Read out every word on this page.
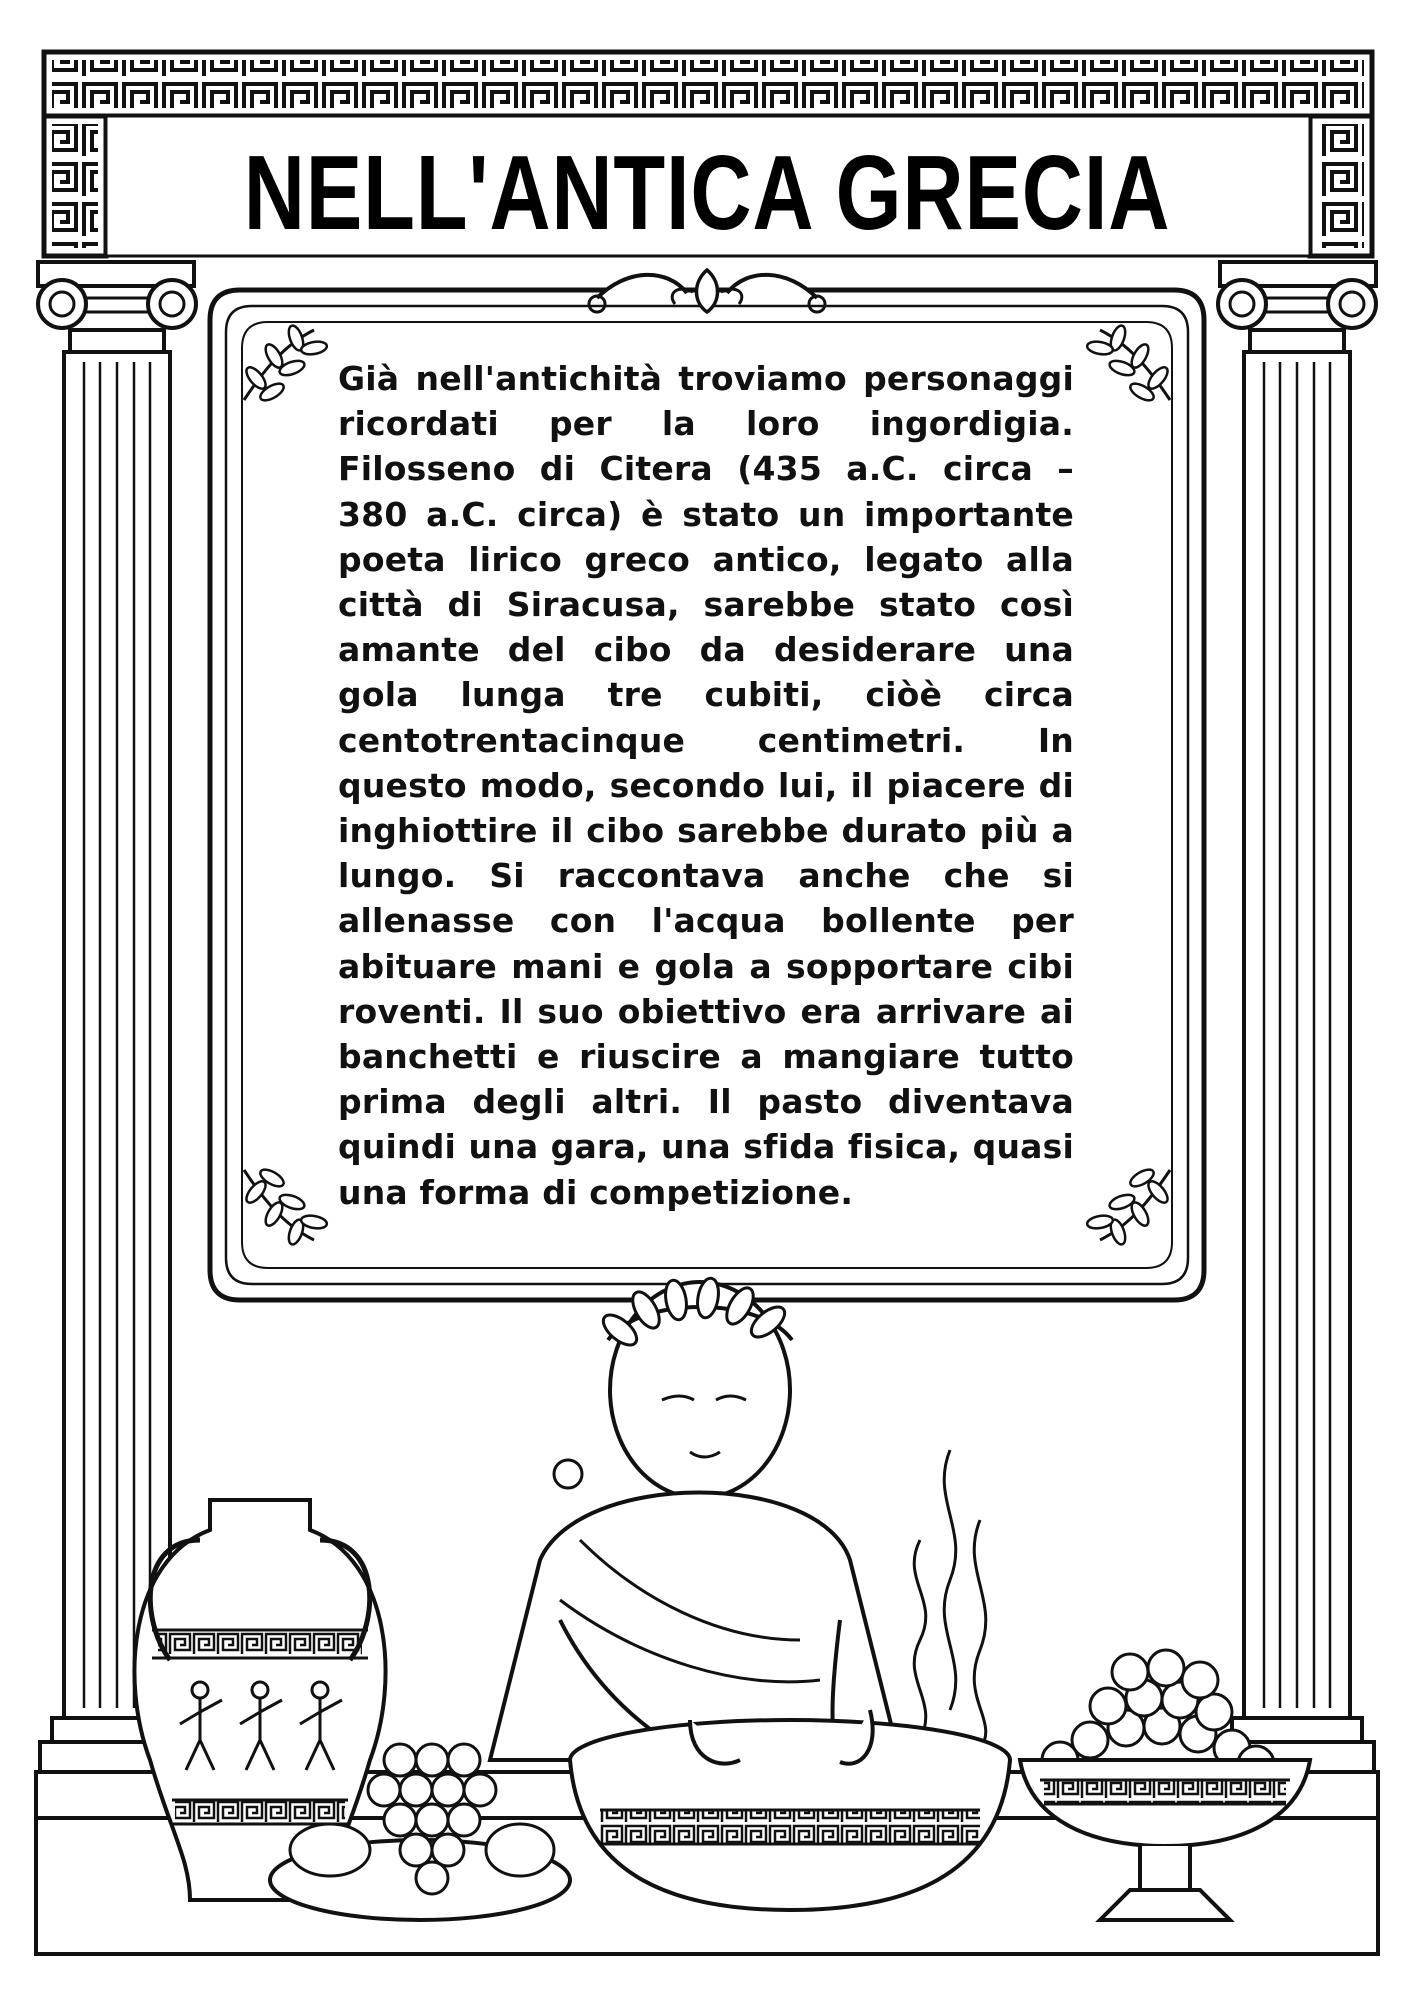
NELL'ANTICA GRECIA
Già nell'antichità troviamo personaggi ricordati per la loro ingordigia. Filosseno di Citera (435 a.C. circa – 380 a.C. circa) è stato un importante poeta lirico greco antico, legato alla città di Siracusa, sarebbe stato così amante del cibo da desiderare una gola lunga tre cubiti, ciòè circa centotrentacinque centimetri. In questo modo, secondo lui, il piacere di inghiottire il cibo sarebbe durato più a lungo. Si raccontava anche che si allenasse con l'acqua bollente per abituare mani e gola a sopportare cibi roventi. Il suo obiettivo era arrivare ai banchetti e riuscire a mangiare tutto prima degli altri. Il pasto diventava quindi una gara, una sfida fisica, quasi una forma di competizione.
